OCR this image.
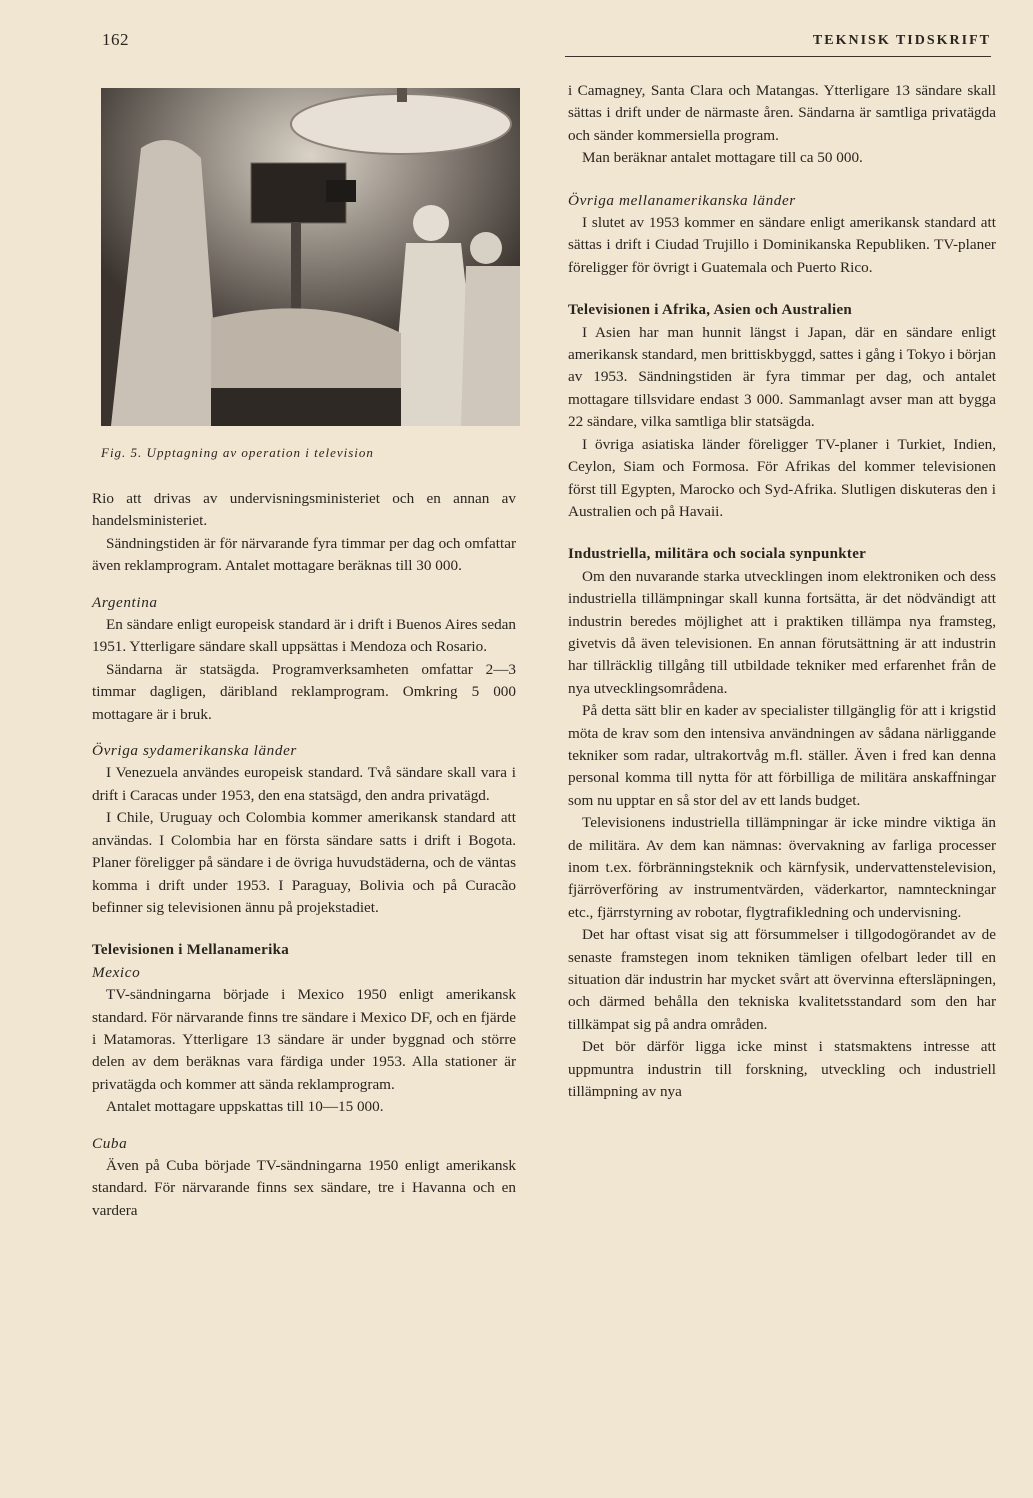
162	TEKNISK TIDSKRIFT
Fig. 5. Upptagning av operation i television

Rio att drivas av undervisningsministeriet och en annan av handelsministeriet.

Sändningstiden är för närvarande fyra timmar per dag och omfattar även reklamprogram. Antalet mottagare beräknas till 30 000.

Argentina

En sändare enligt europeisk standard är i drift i Buenos Aires sedan 1951. Ytterligare sändare skall uppsättas i Mendoza och Rosario.

Sändarna är statsägda. Programverksamheten omfattar 2—3 timmar dagligen, däribland reklamprogram. Omkring 5 000 mottagare är i bruk.

Övriga sydamerikanska länder

I Venezuela användes europeisk standard. Två sändare skall vara i drift i Caracas under 1953, den ena statsägd, den andra privatägd.

I Chile, Uruguay och Colombia kommer amerikansk standard att användas. I Colombia har en första sändare satts i drift i Bogota. Planer föreligger på sändare i de övriga huvudstäderna, och de väntas komma i drift under 1953. I Paraguay, Bolivia och på Curacão befinner sig televisionen ännu på projekstadiet.

Televisionen i Mellanamerika
Mexico

TV-sändningarna började i Mexico 1950 enligt amerikansk standard. För närvarande finns tre sändare i Mexico DF, och en fjärde i Matamoras. Ytterligare 13 sändare är under byggnad och större delen av dem beräknas vara färdiga under 1953. Alla stationer är privatägda och kommer att sända reklamprogram.

Antalet mottagare uppskattas till 10—15 000.

Cuba

Även på Cuba började TV-sändningarna 1950 enligt amerikansk standard. För närvarande finns sex sändare, tre i Havanna och en vardera

i Camagney, Santa Clara och Matangas. Ytterligare 13 sändare skall sättas i drift under de närmaste åren. Sändarna är samtliga privatägda och sänder kommersiella program.

Man beräknar antalet mottagare till ca 50 000.

Övriga mellanamerikanska länder

I slutet av 1953 kommer en sändare enligt amerikansk standard att sättas i drift i Ciudad Trujillo i Dominikanska Republiken. TV-planer föreligger för övrigt i Guatemala och Puerto Rico.

Televisionen i Afrika, Asien och Australien

I Asien har man hunnit längst i Japan, där en sändare enligt amerikansk standard, men brittiskbyggd, sattes i gång i Tokyo i början av 1953. Sändningstiden är fyra timmar per dag, och antalet mottagare tillsvidare endast 3 000. Sammanlagt avser man att bygga 22 sändare, vilka samtliga blir statsägda.

I övriga asiatiska länder föreligger TV-planer i Turkiet, Indien, Ceylon, Siam och Formosa. För Afrikas del kommer televisionen först till Egypten, Marocko och Syd-Afrika. Slutligen diskuteras den i Australien och på Havaii.

Industriella, militära och sociala synpunkter

Om den nuvarande starka utvecklingen inom elektroniken och dess industriella tillämpningar skall kunna fortsätta, är det nödvändigt att industrin beredes möjlighet att i praktiken tillämpa nya framsteg, givetvis då även televisionen. En annan förutsättning är att industrin har tillräcklig tillgång till utbildade tekniker med erfarenhet från de nya utvecklingsområdena.

På detta sätt blir en kader av specialister tillgänglig för att i krigstid möta de krav som den intensiva användningen av sådana närliggande tekniker som radar, ultrakortvåg m.fl. ställer. Även i fred kan denna personal komma till nytta för att förbilliga de militära anskaffningar som nu upptar en så stor del av ett lands budget.

Televisionens industriella tillämpningar är icke mindre viktiga än de militära. Av dem kan nämnas: övervakning av farliga processer inom t.ex. förbränningsteknik och kärnfysik, undervattenstelevision, fjärröverföring av instrumentvärden, väderkartor, namnteckningar etc., fjärrstyrning av robotar, flygtrafikledning och undervisning.

Det har oftast visat sig att försummelser i tillgodogörandet av de senaste framstegen inom tekniken tämligen ofelbart leder till en situation där industrin har mycket svårt att övervinna eftersläpningen, och därmed behålla den tekniska kvalitetsstandard som den har tillkämpat sig på andra områden.

Det bör därför ligga icke minst i statsmaktens intresse att uppmuntra industrin till forskning, utveckling och industriell tillämpning av nya
